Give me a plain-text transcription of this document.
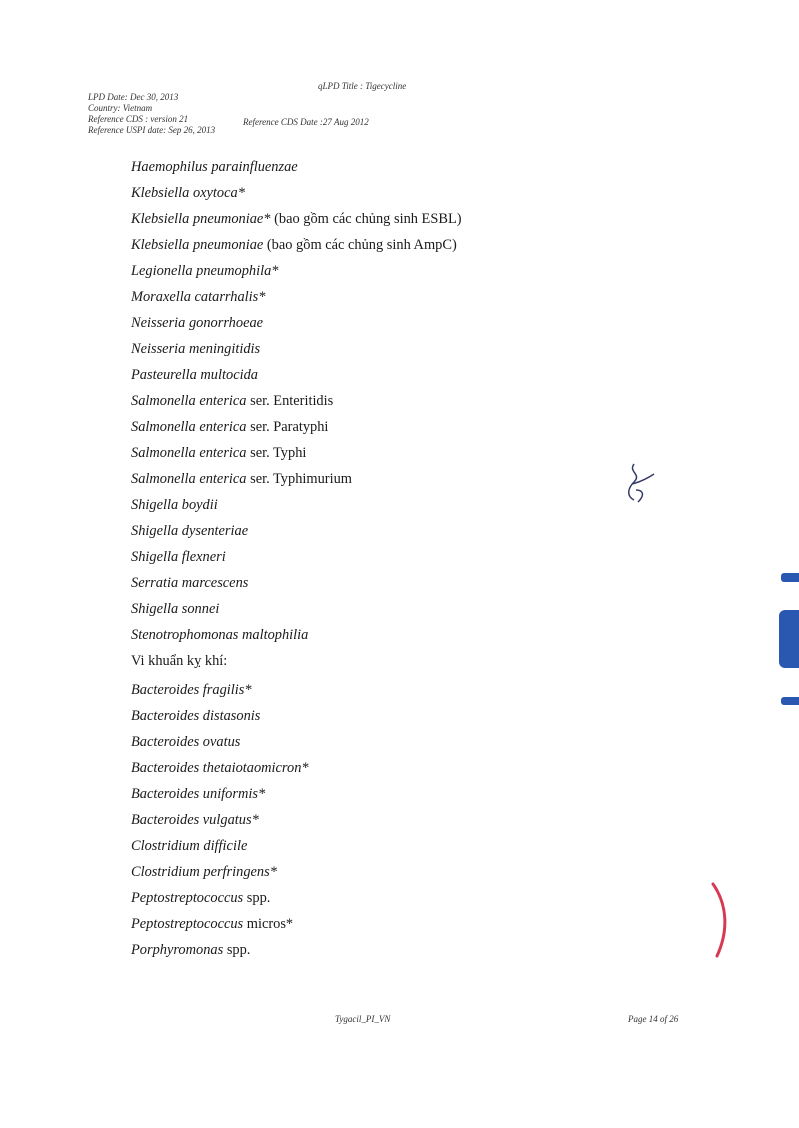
qLPD Title : Tigecycline
LPD Date: Dec 30, 2013
Country: Vietnam
Reference CDS : version 21
Reference USPI date: Sep 26, 2013
Reference CDS Date :27 Aug 2012
Haemophilus parainfluenzae
Klebsiella oxytoca*
Klebsiella pneumoniae* (bao gồm các chủng sinh ESBL)
Klebsiella pneumoniae (bao gồm các chủng sinh AmpC)
Legionella pneumophila*
Moraxella catarrhalis*
Neisseria gonorrhoeae
Neisseria meningitidis
Pasteurella multocida
Salmonella enterica ser. Enteritidis
Salmonella enterica ser. Paratyphi
Salmonella enterica ser. Typhi
Salmonella enterica ser. Typhimurium
Shigella boydii
Shigella dysenteriae
Shigella flexneri
Serratia marcescens
Shigella sonnei
Stenotrophomonas maltophilia
Vi khuẩn kỵ khí:
Bacteroides fragilis*
Bacteroides distasonis
Bacteroides ovatus
Bacteroides thetaiotaomicron*
Bacteroides uniformis*
Bacteroides vulgatus*
Clostridium difficile
Clostridium perfringens*
Peptostreptococcus spp.
Peptostreptococcus micros*
Porphyromonas spp.
Tygacil_PI_VN	Page 14 of 26
